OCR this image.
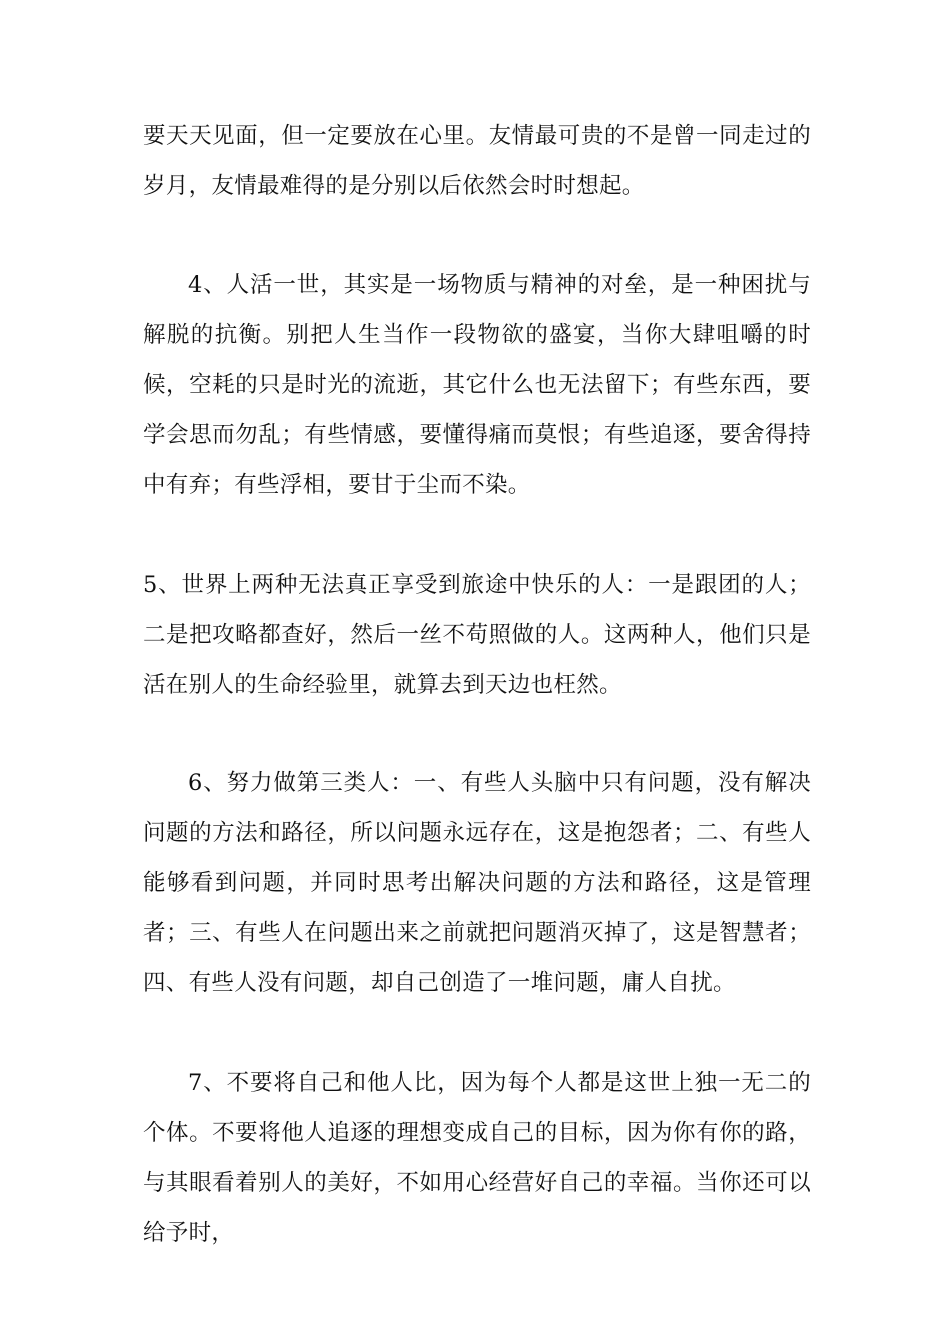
要天天见面，但一定要放在心里。友情最可贵的不是曾一同走过的岁月，友情最难得的是分别以后依然会时时想起。

4、人活一世，其实是一场物质与精神的对垒，是一种困扰与解脱的抗衡。别把人生当作一段物欲的盛宴，当你大肆咀嚼的时候，空耗的只是时光的流逝，其它什么也无法留下；有些东西，要学会思而勿乱；有些情感，要懂得痛而莫恨；有些追逐，要舍得持中有弃；有些浮相，要甘于尘而不染。

5、世界上两种无法真正享受到旅途中快乐的人：一是跟团的人；二是把攻略都查好，然后一丝不苟照做的人。这两种人，他们只是活在别人的生命经验里，就算去到天边也枉然。

6、努力做第三类人：一、有些人头脑中只有问题，没有解决问题的方法和路径，所以问题永远存在，这是抱怨者；二、有些人能够看到问题，并同时思考出解决问题的方法和路径，这是管理者；三、有些人在问题出来之前就把问题消灭掉了，这是智慧者；四、有些人没有问题，却自己创造了一堆问题，庸人自扰。

7、不要将自己和他人比，因为每个人都是这世上独一无二的个体。不要将他人追逐的理想变成自己的目标，因为你有你的路，与其眼看着别人的美好，不如用心经营好自己的幸福。当你还可以给予时，
